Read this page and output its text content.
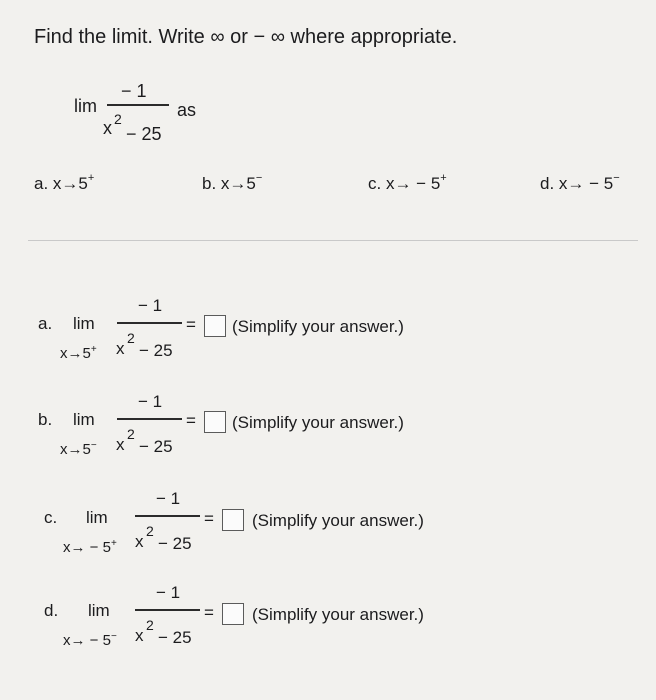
Find the limit. Write ∞ or − ∞ where appropriate.
lim
− 1
x 2
− 25
as
a. x→5+	b. x→5−	c. x→ − 5+	d. x→ − 5−
a. lim
x→5+
− 1
x
2
− 25
= (Simplify your answer.)
b. lim
x→5−
− 1
x
2
− 25
= (Simplify your answer.)
c. lim
x→ − 5+
− 1
x
2
− 25
= (Simplify your answer.)
d. lim
x→ − 5−
− 1
x
2
− 25
= (Simplify your answer.)
